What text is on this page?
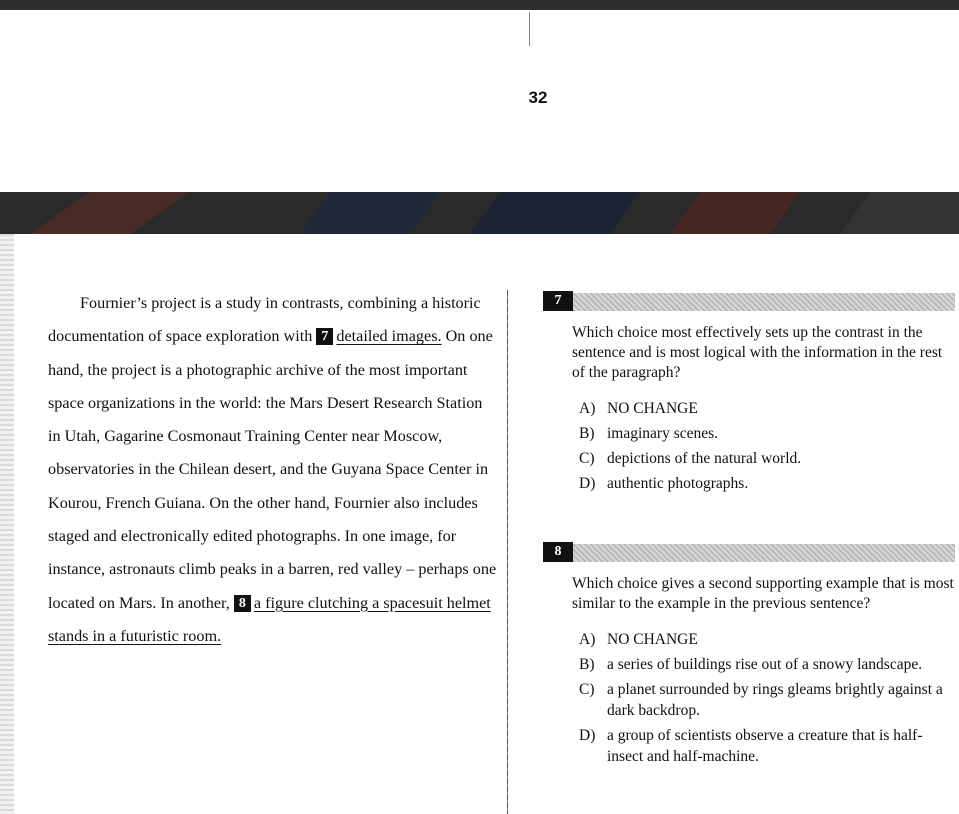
32

Fournier’s project is a study in contrasts, combining a historic documentation of space exploration with 7 detailed images. On one hand, the project is a photographic archive of the most important space organizations in the world: the Mars Desert Research Station in Utah, Gagarine Cosmonaut Training Center near Moscow, observatories in the Chilean desert, and the Guyana Space Center in Kourou, French Guiana. On the other hand, Fournier also includes staged and electronically edited photographs. In one image, for instance, astronauts climb peaks in a barren, red valley – perhaps one located on Mars. In another, 8 a figure clutching a spacesuit helmet stands in a futuristic room.

7
Which choice most effectively sets up the contrast in the sentence and is most logical with the information in the rest of the paragraph?
A) NO CHANGE
B) imaginary scenes.
C) depictions of the natural world.
D) authentic photographs.
8
Which choice gives a second supporting example that is most similar to the example in the previous sentence?
A) NO CHANGE
B) a series of buildings rise out of a snowy landscape.
C) a planet surrounded by rings gleams brightly against a dark backdrop.
D) a group of scientists observe a creature that is half-insect and half-machine.
